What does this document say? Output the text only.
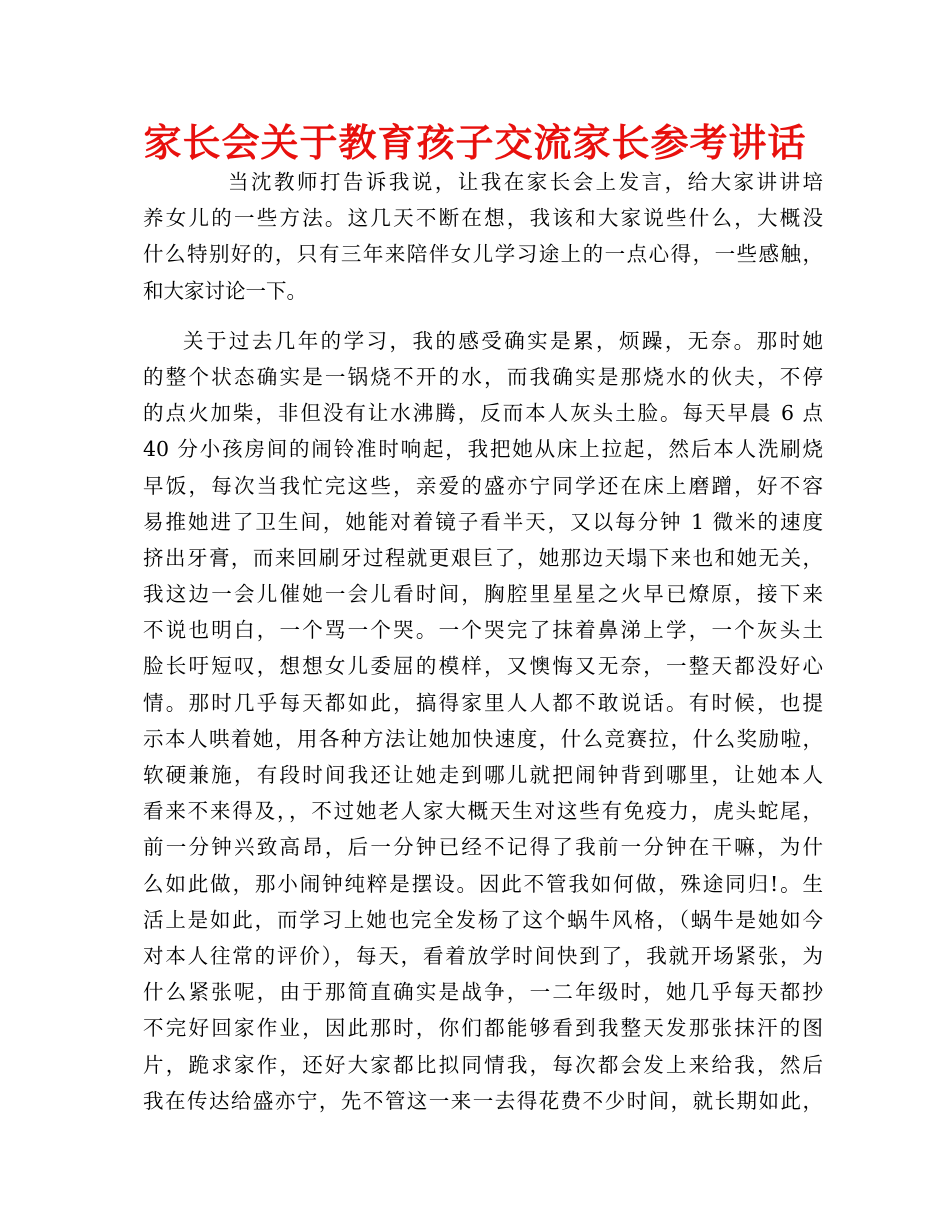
家长会关于教育孩子交流家长参考讲话
当沈教师打告诉我说，让我在家长会上发言，给大家讲讲培
养女儿的一些方法。这几天不断在想，我该和大家说些什么，大概没
什么特别好的，只有三年来陪伴女儿学习途上的一点心得，一些感触，
和大家讨论一下。
关于过去几年的学习，我的感受确实是累，烦躁，无奈。那时她
的整个状态确实是一锅烧不开的水，而我确实是那烧水的伙夫，不停
的点火加柴，非但没有让水沸腾，反而本人灰头土脸。每天早晨 6 点
40 分小孩房间的闹铃准时响起，我把她从床上拉起，然后本人洗刷烧
早饭，每次当我忙完这些，亲爱的盛亦宁同学还在床上磨蹭，好不容
易推她进了卫生间，她能对着镜子看半天，又以每分钟 1 微米的速度
挤出牙膏，而来回刷牙过程就更艰巨了，她那边天塌下来也和她无关，
我这边一会儿催她一会儿看时间，胸腔里星星之火早已燎原，接下来
不说也明白，一个骂一个哭。一个哭完了抹着鼻涕上学，一个灰头土
脸长吁短叹，想想女儿委屈的模样，又懊悔又无奈，一整天都没好心
情。那时几乎每天都如此，搞得家里人人都不敢说话。有时候，也提
示本人哄着她，用各种方法让她加快速度，什么竞赛拉，什么奖励啦，
软硬兼施，有段时间我还让她走到哪儿就把闹钟背到哪里，让她本人
看来不来得及，，不过她老人家大概天生对这些有免疫力，虎头蛇尾，
前一分钟兴致高昂，后一分钟已经不记得了我前一分钟在干嘛，为什
么如此做，那小闹钟纯粹是摆设。因此不管我如何做，殊途同归!。生
活上是如此，而学习上她也完全发杨了这个蜗牛风格，（蜗牛是她如今
对本人往常的评价），每天，看着放学时间快到了，我就开场紧张，为
什么紧张呢，由于那简直确实是战争，一二年级时，她几乎每天都抄
不完好回家作业，因此那时，你们都能够看到我整天发那张抹汗的图
片，跪求家作，还好大家都比拟同情我，每次都会发上来给我，然后
我在传达给盛亦宁，先不管这一来一去得花费不少时间，就长期如此，
